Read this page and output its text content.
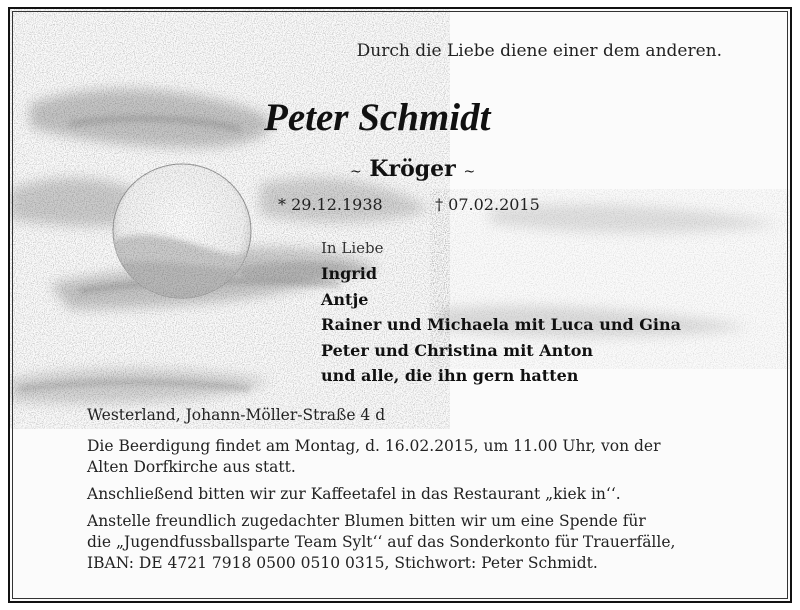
Durch die Liebe diene einer dem anderen.
Peter Schmidt
~ Kröger ~
* 29.12.1938	† 07.02.2015
In Liebe
Ingrid
Antje
Rainer und Michaela mit Luca und Gina
Peter und Christina mit Anton
und alle, die ihn gern hatten

Westerland, Johann-Möller-Straße 4 d

Die Beerdigung findet am Montag, d. 16.02.2015, um 11.00 Uhr, von der
Alten Dorfkirche aus statt.

Anschließend bitten wir zur Kaffeetafel in das Restaurant „kiek in‘‘.

Anstelle freundlich zugedachter Blumen bitten wir um eine Spende für
die „Jugendfussballsparte Team Sylt‘‘ auf das Sonderkonto für Trauerfälle,
IBAN: DE 4721 7918 0500 0510 0315, Stichwort: Peter Schmidt.
